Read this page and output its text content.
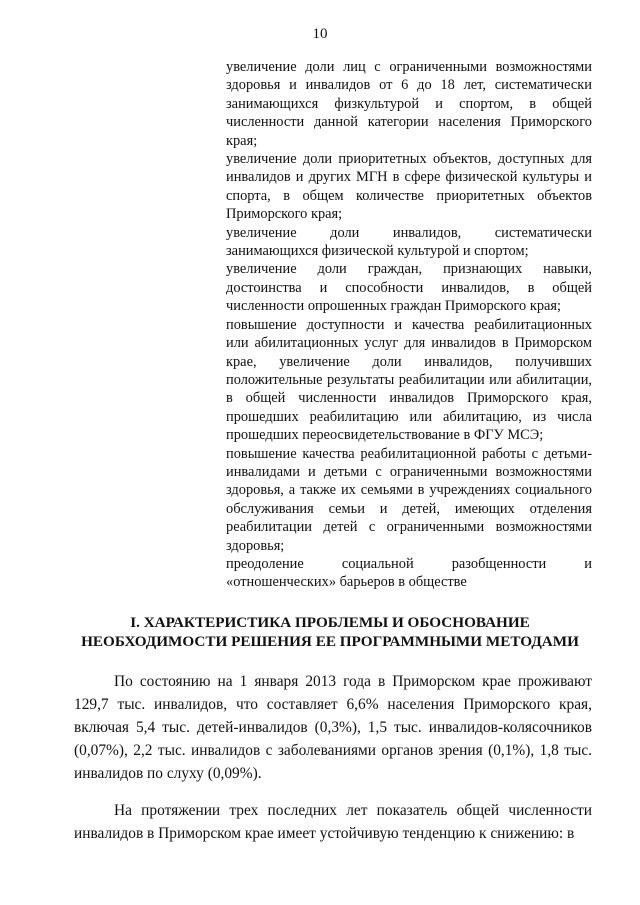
10
увеличение доли лиц с ограниченными возможностями здоровья и инвалидов от 6 до 18 лет, систематически занимающихся физкультурой и спортом, в общей численности данной категории населения Приморского края;
увеличение доли приоритетных объектов, доступных для инвалидов и других МГН в сфере физической культуры и спорта, в общем количестве приоритетных объектов Приморского края;
увеличение доли инвалидов, систематически занимающихся физической культурой и спортом;
увеличение доли граждан, признающих навыки, достоинства и способности инвалидов, в общей численности опрошенных граждан Приморского края;
повышение доступности и качества реабилитационных или абилитационных услуг для инвалидов в Приморском крае, увеличение доли инвалидов, получивших положительные результаты реабилитации или абилитации, в общей численности инвалидов Приморского края, прошедших реабилитацию или абилитацию, из числа прошедших переосвидетельствование в ФГУ МСЭ;
повышение качества реабилитационной работы с детьми-инвалидами и детьми с ограниченными возможностями здоровья, а также их семьями в учреждениях социального обслуживания семьи и детей, имеющих отделения реабилитации детей с ограниченными возможностями здоровья;
преодоление социальной разобщенности и «отношенческих» барьеров в обществе
I. ХАРАКТЕРИСТИКА ПРОБЛЕМЫ И ОБОСНОВАНИЕ
НЕОБХОДИМОСТИ РЕШЕНИЯ ЕЕ ПРОГРАММНЫМИ МЕТОДАМИ

По состоянию на 1 января 2013 года в Приморском крае проживают 129,7 тыс. инвалидов, что составляет 6,6% населения Приморского края, включая 5,4 тыс. детей-инвалидов (0,3%), 1,5 тыс. инвалидов-колясочников (0,07%), 2,2 тыс. инвалидов с заболеваниями органов зрения (0,1%), 1,8 тыс. инвалидов по слуху (0,09%).

На протяжении трех последних лет показатель общей численности инвалидов в Приморском крае имеет устойчивую тенденцию к снижению: в
